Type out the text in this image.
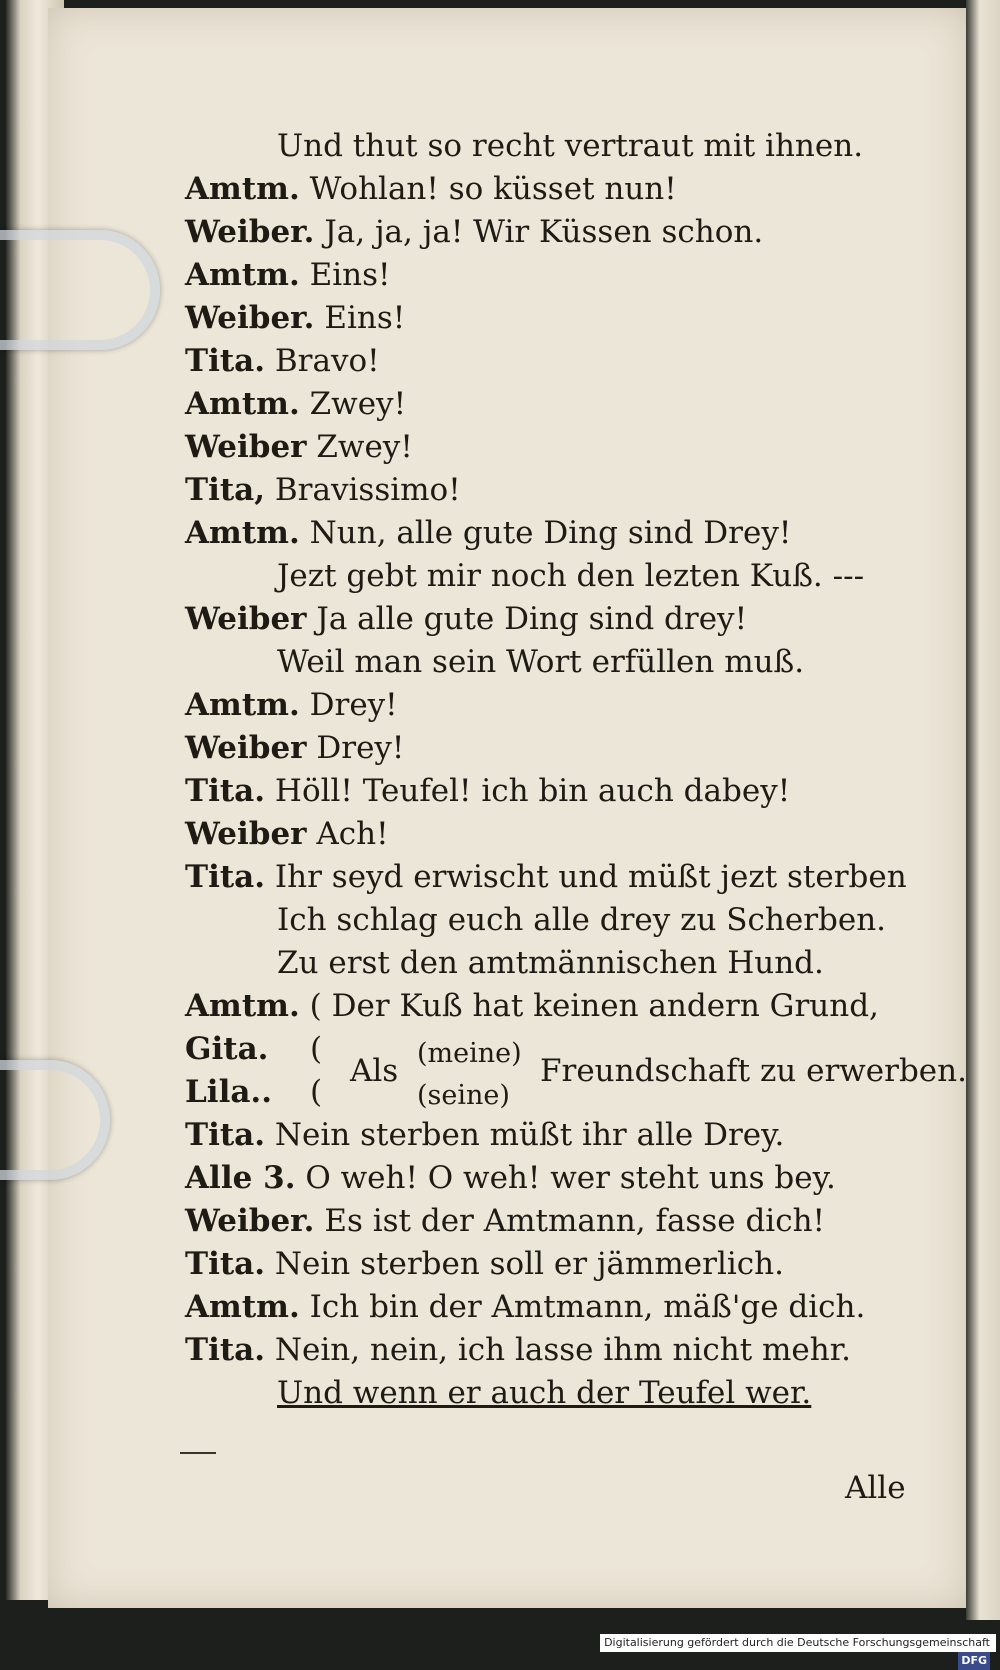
Und thut so recht vertraut mit ihnen.
Amtm. Wohlan! so küsset nun!
Weiber. Ja, ja, ja! Wir Küssen schon.
Amtm. Eins!
Weiber. Eins!
Tita. Bravo!
Amtm. Zwey!
Weiber Zwey!
Tita, Bravissimo!
Amtm. Nun, alle gute Ding sind Drey!
Jezt gebt mir noch den lezten Kuß. ---
Weiber Ja alle gute Ding sind drey!
Weil man sein Wort erfüllen muß.
Amtm. Drey!
Weiber Drey!
Tita. Höll! Teufel! ich bin auch dabey!
Weiber Ach!
Tita. Ihr seyd erwischt und müßt jezt sterben
Ich schlag euch alle drey zu Scherben.
Zu erst den amtmännischen Hund.
Amtm. ( Der Kuß hat keinen andern Grund,
Gita.
Lila..
(
(
Als (meine)
(seine)
Freundschaft zu erwerben.
Tita. Nein sterben müßt ihr alle Drey.
Alle 3. O weh! O weh! wer steht uns bey.
Weiber. Es ist der Amtmann, fasse dich!
Tita. Nein sterben soll er jämmerlich.
Amtm. Ich bin der Amtmann, mäß'ge dich.
Tita. Nein, nein, ich lasse ihm nicht mehr.
Und wenn er auch der Teufel wer.
Alle
Digitalisierung gefördert durch die Deutsche Forschungsgemeinschaft - DFG
